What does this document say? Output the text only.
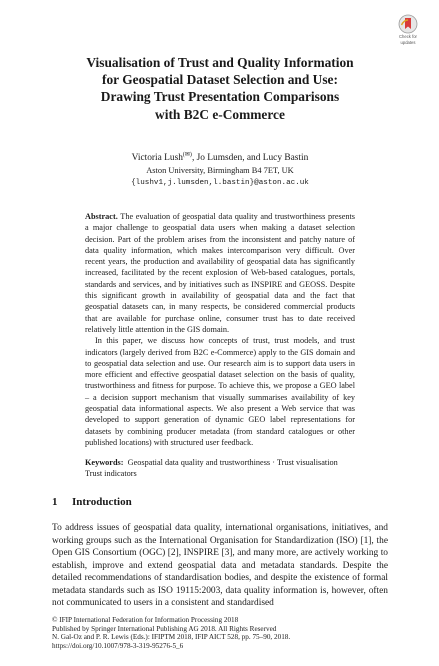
Check for
updates
Visualisation of Trust and Quality Information
for Geospatial Dataset Selection and Use:
Drawing Trust Presentation Comparisons
with B2C e-Commerce
Victoria Lush(✉), Jo Lumsden, and Lucy Bastin
Aston University, Birmingham B4 7ET, UK
{lushv1,j.lumsden,l.bastin}@aston.ac.uk

Abstract. The evaluation of geospatial data quality and trustworthiness presents a major challenge to geospatial data users when making a dataset selection decision. Part of the problem arises from the inconsistent and patchy nature of data quality information, which makes intercomparison very difficult. Over recent years, the production and availability of geospatial data has significantly increased, facilitated by the recent explosion of Web-based catalogues, portals, standards and services, and by initiatives such as INSPIRE and GEOSS. Despite this significant growth in availability of geospatial data and the fact that geospatial datasets can, in many respects, be considered commercial products that are available for purchase online, consumer trust has to date received relatively little attention in the GIS domain.

In this paper, we discuss how concepts of trust, trust models, and trust indicators (largely derived from B2C e-Commerce) apply to the GIS domain and to geospatial data selection and use. Our research aim is to support data users in more efficient and effective geospatial dataset selection on the basis of quality, trustworthiness and fitness for purpose. To achieve this, we propose a GEO label – a decision support mechanism that visually summarises availability of key geospatial data informational aspects. We also present a Web service that was developed to support generation of dynamic GEO label representations for datasets by combining producer metadata (from standard catalogues or other published locations) with structured user feedback.

Keywords: Geospatial data quality and trustworthiness · Trust visualisation Trust indicators
1 Introduction

To address issues of geospatial data quality, international organisations, initiatives, and working groups such as the International Organisation for Standardization (ISO) [1], the Open GIS Consortium (OGC) [2], INSPIRE [3], and many more, are actively working to establish, improve and extend geospatial data and metadata standards. Despite the detailed recommendations of standardisation bodies, and despite the existence of formal metadata standards such as ISO 19115:2003, data quality information is, however, often not communicated to users in a consistent and standardised

© IFIP International Federation for Information Processing 2018
Published by Springer International Publishing AG 2018. All Rights Reserved
N. Gal-Oz and P. R. Lewis (Eds.): IFIPTM 2018, IFIP AICT 528, pp. 75–90, 2018.
https://doi.org/10.1007/978-3-319-95276-5_6
